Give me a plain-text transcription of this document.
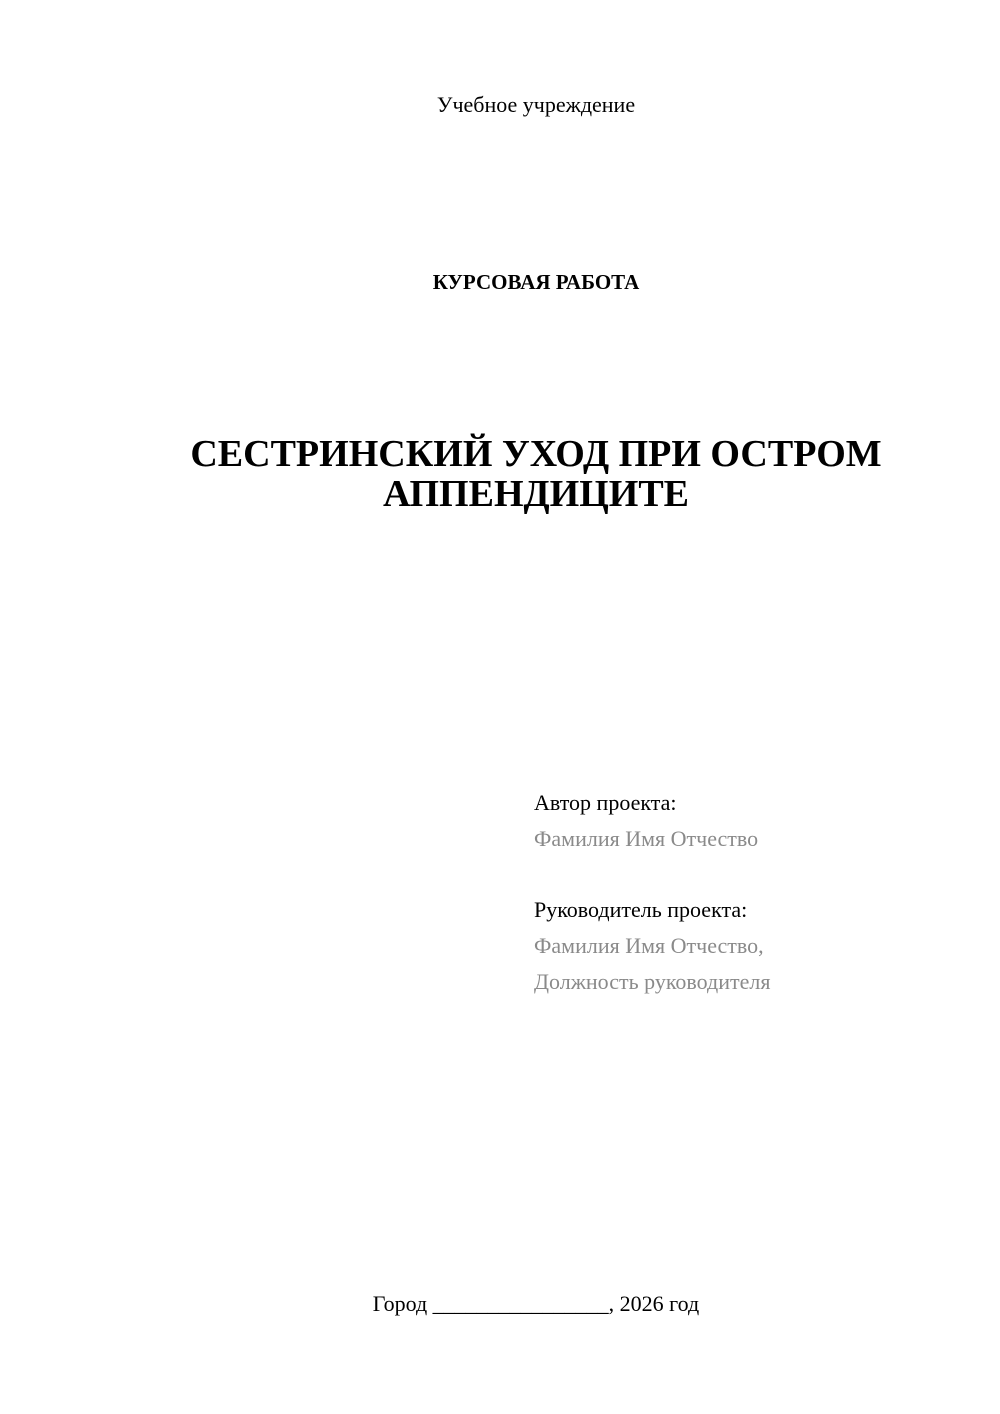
Учебное учреждение
КУРСОВАЯ РАБОТА
СЕСТРИНСКИЙ УХОД ПРИ ОСТРОМ
АППЕНДИЦИТЕ
Автор проекта:
Фамилия Имя Отчество
Руководитель проекта:
Фамилия Имя Отчество,
Должность руководителя
Город ________________, 2026 год
